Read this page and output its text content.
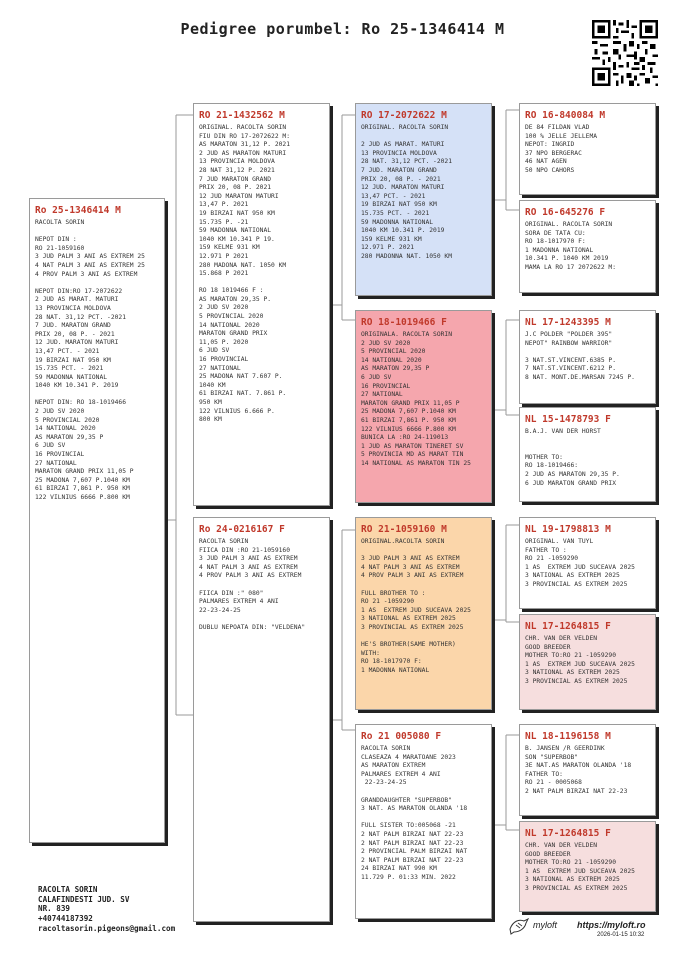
Pedigree porumbel: Ro 25-1346414 M
Ro 25-1346414 M
RACOLTA SORIN

NEPOT DIN :
RO 21-1059160
3 JUD PALM 3 ANI AS EXTREM 25
4 NAT PALM 3 ANI AS EXTREM 25
4 PROV PALM 3 ANI AS EXTREM

NEPOT DIN:RO 17-2072622
2 JUD AS MARAT. MATURI
13 PROVINCIA MOLDOVA
28 NAT. 31,12 PCT. -2021
7 JUD. MARATON GRAND
PRIX 20, 08 P. - 2021
12 JUD. MARATON MATURI
13,47 PCT. - 2021
19 BIRZAI NAT 950 KM
15.735 PCT. - 2021
59 MADONNA NATIONAL
1040 KM 10.341 P. 2019

NEPOT DIN: RO 18-1019466
2 JUD SV 2020
5 PROVINCIAL 2020
14 NATIONAL 2020
AS MARATON 29,35 P
6 JUD SV
16 PROVINCIAL
27 NATIONAL
MARATON GRAND PRIX 11,05 P
25 MADONA 7,607 P.1040 KM
61 BIRZAI 7,861 P. 950 KM
122 VILNIUS 6666 P.800 KM
RO 21-1432562 M
ORIGINAL. RACOLTA SORIN
FIU DIN RO 17-2072622 M:
AS MARATON 31,12 P. 2021
2 JUD AS MARATON MATURI
13 PROVINCIA MOLDOVA
28 NAT 31,12 P. 2021
7 JUD MARATON GRAND
PRIX 20, 08 P. 2021
12 JUD MARATON MATURI
13,47 P. 2021
19 BIRZAI NAT 950 KM
15.735 P. -21
59 MADONNA NATIONAL
1040 KM 10.341 P 19.
159 KELME 931 KM
12.971 P 2021
280 MADONA NAT. 1050 KM
15.868 P 2021

RO 18 1019466 F :
AS MARATON 29,35 P.
2 JUD SV 2020
5 PROVINCIAL 2020
14 NATIONAL 2020
MARATON GRAND PRIX
11,05 P. 2020
6 JUD SV
16 PROVINCIAL
27 NATIONAL
25 MADONA NAT 7.607 P.
1040 KM
61 BIRZAI NAT. 7.861 P.
950 KM
122 VILNIUS 6.666 P.
800 KM
Ro 24-0216167 F
RACOLTA SORIN
FIICA DIN :RO 21-1059160
3 JUD PALM 3 ANI AS EXTREM
4 NAT PALM 3 ANI AS EXTREM
4 PROV PALM 3 ANI AS EXTREM

FIICA DIN :" 080"
PALMARES EXTREM 4 ANI
22-23-24-25

DUBLU NEPOATA DIN: "VELDENA"
RO 17-2072622 M
ORIGINAL. RACOLTA SORIN

2 JUD AS MARAT. MATURI
13 PROVINCIA MOLDOVA
28 NAT. 31,12 PCT. -2021
7 JUD. MARATON GRAND
PRIX 20, 08 P. - 2021
12 JUD. MARATON MATURI
13,47 PCT. - 2021
19 BIRZAI NAT 950 KM
15.735 PCT. - 2021
59 MADONNA NATIONAL
1040 KM 10.341 P. 2019
159 KELME 931 KM
12.971 P. 2021
280 MADONNA NAT. 1050 KM
RO 18-1019466 F
ORIGINALA. RACOLTA SORIN
2 JUD SV 2020
5 PROVINCIAL 2020
14 NATIONAL 2020
AS MARATON 29,35 P
6 JUD SV
16 PROVINCIAL
27 NATIONAL
MARATON GRAND PRIX 11,05 P
25 MADONA 7,607 P.1040 KM
61 BIRZAI 7,861 P. 950 KM
122 VILNIUS 6666 P.800 KM
BUNICA LA :RO 24-119013
1 JUD AS MARATON TINERET SV
5 PROVINCIA MD AS MARAT TIN
14 NATIONAL AS MARATON TIN 25
RO 21-1059160 M
ORIGINAL.RACOLTA SORIN

3 JUD PALM 3 ANI AS EXTREM
4 NAT PALM 3 ANI AS EXTREM
4 PROV PALM 3 ANI AS EXTREM

FULL BROTHER TO :
RO 21 -1059290
1 AS  EXTREM JUD SUCEAVA 2025
3 NATIONAL AS EXTREM 2025
3 PROVINCIAL AS EXTREM 2025

HE'S BROTHER(SAME MOTHER)
WITH:
RO 18-1017970 F:
1 MADONNA NATIONAL
Ro 21 005080 F
RACOLTA SORIN
CLASEAZA 4 MARATOANE 2023
AS MARATON EXTREM
PALMARES EXTREM 4 ANI
22-23-24-25

GRANDDAUGHTER "SUPERBOB"
3 NAT. AS MARATON OLANDA '18

FULL SISTER TO:005068 -21
2 NAT PALM BIRZAI NAT 22-23
2 NAT PALM BIRZAI NAT 22-23
2 PROVINCIAL PALM BIRZAI NAT
2 NAT PALM BIRZAI NAT 22-23
24 BIRZAI NAT 990 KM
11.729 P. 01:33 MIN. 2022
RO 16-840084 M
DE 84 FILDAN VLAD
100 % JELLE JELLEMA
NEPOT: INGRID
37 NPO BERGERAC
46 NAT AGEN
50 NPO CAHORS
RO 16-645276 F
ORIGINAL. RACOLTA SORIN
SORA DE TATA CU:
RO 18-1017970 F:
1 MADONNA NATIONAL
10.341 P. 1040 KM 2019
MAMA LA RO 17 2072622 M:
NL 17-1243395 M
J.C POLDER "POLDER 395"
NEPOT" RAINBOW WARRIOR"

3 NAT.ST.VINCENT.6385 P.
7 NAT.ST.VINCENT.6212 P.
8 NAT. MONT.DE.MARSAN 7245 P.
NL 15-1478793 F
B.A.J. VAN DER HORST

MOTHER TO:
RO 18-1019466:
2 JUD AS MARATON 29,35 P.
6 JUD MARATON GRAND PRIX
NL 19-1798813 M
ORIGINAL. VAN TUYL
FATHER TO :
RO 21 -1059290
1 AS  EXTREM JUD SUCEAVA 2025
3 NATIONAL AS EXTREM 2025
3 PROVINCIAL AS EXTREM 2025
NL 17-1264815 F
CHR. VAN DER VELDEN
GOOD BREEDER
MOTHER TO:RO 21 -1059290
1 AS  EXTREM JUD SUCEAVA 2025
3 NATIONAL AS EXTREM 2025
3 PROVINCIAL AS EXTREM 2025
NL 18-1196158 M
B. JANSEN /R GEERDINK
SON "SUPERBOB"
3E NAT.AS MARATON OLANDA '18
FATHER TO:
RO 21 - 0005068
2 NAT PALM BIRZAI NAT 22-23
NL 17-1264815 F
CHR. VAN DER VELDEN
GOOD BREEDER
MOTHER TO:RO 21 -1059290
1 AS  EXTREM JUD SUCEAVA 2025
3 NATIONAL AS EXTREM 2025
3 PROVINCIAL AS EXTREM 2025
RACOLTA SORIN
CALAFINDESTI JUD. SV
NR. 839
+40744187392
racoltasorin.pigeons@gmail.com	myloft https://myloft.ro
2026-01-15 10:32
